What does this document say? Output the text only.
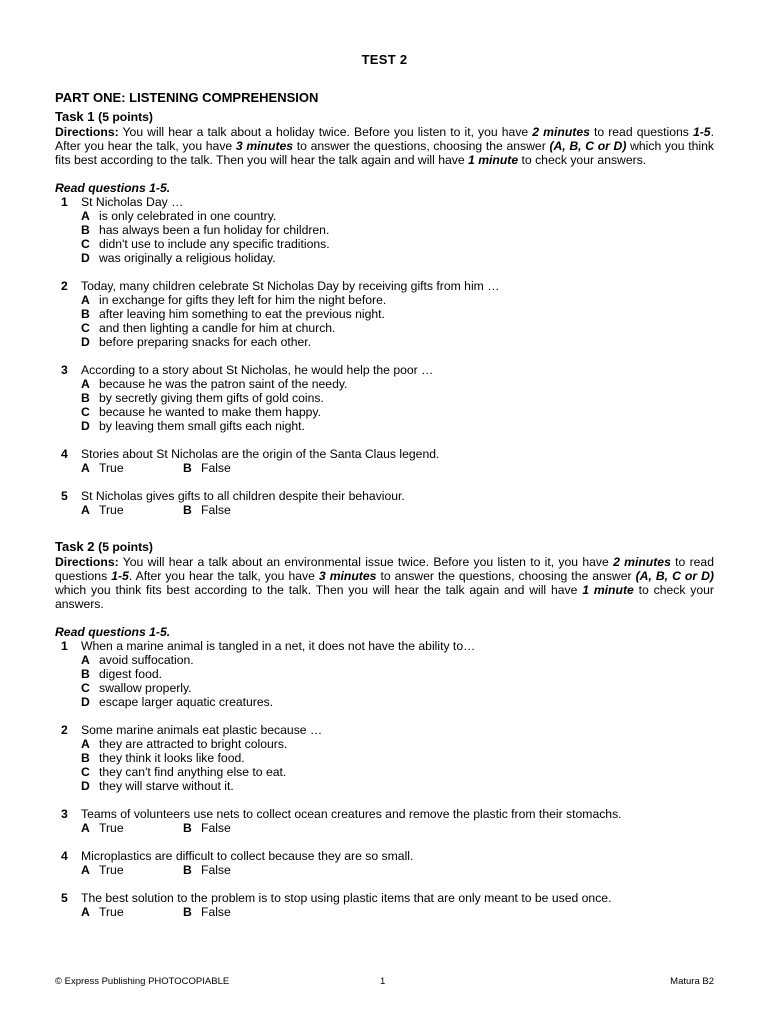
TEST 2
PART ONE: LISTENING COMPREHENSION
Task 1 (5 points)

Directions: You will hear a talk about a holiday twice. Before you listen to it, you have 2 minutes to read questions 1-5. After you hear the talk, you have 3 minutes to answer the questions, choosing the answer (A, B, C or D) which you think fits best according to the talk. Then you will hear the talk again and will have 1 minute to check your answers.

Read questions 1-5.

1	St Nicholas Day …
A is only celebrated in one country.
B has always been a fun holiday for children.
C didn't use to include any specific traditions.
D was originally a religious holiday.
2	Today, many children celebrate St Nicholas Day by receiving gifts from him …
A in exchange for gifts they left for him the night before.
B after leaving him something to eat the previous night.
C and then lighting a candle for him at church.
D before preparing snacks for each other.
3	According to a story about St Nicholas, he would help the poor …
A because he was the patron saint of the needy.
B by secretly giving them gifts of gold coins.
C because he wanted to make them happy.
D by leaving them small gifts each night.
4	Stories about St Nicholas are the origin of the Santa Claus legend.
A True	B False
5	St Nicholas gives gifts to all children despite their behaviour.
A True	B False
Task 2 (5 points)

Directions: You will hear a talk about an environmental issue twice. Before you listen to it, you have 2 minutes to read questions 1-5. After you hear the talk, you have 3 minutes to answer the questions, choosing the answer (A, B, C or D) which you think fits best according to the talk. Then you will hear the talk again and will have 1 minute to check your answers.

Read questions 1-5.

1	When a marine animal is tangled in a net, it does not have the ability to…
A avoid suffocation.
B digest food.
C swallow properly.
D escape larger aquatic creatures.
2	Some marine animals eat plastic because …
A they are attracted to bright colours.
B they think it looks like food.
C they can't find anything else to eat.
D they will starve without it.
3	Teams of volunteers use nets to collect ocean creatures and remove the plastic from their stomachs.
A True	B False
4	Microplastics are difficult to collect because they are so small.
A True	B False
5	The best solution to the problem is to stop using plastic items that are only meant to be used once.
A True	B False
© Express Publishing PHOTOCOPIABLE	1	Matura B2
